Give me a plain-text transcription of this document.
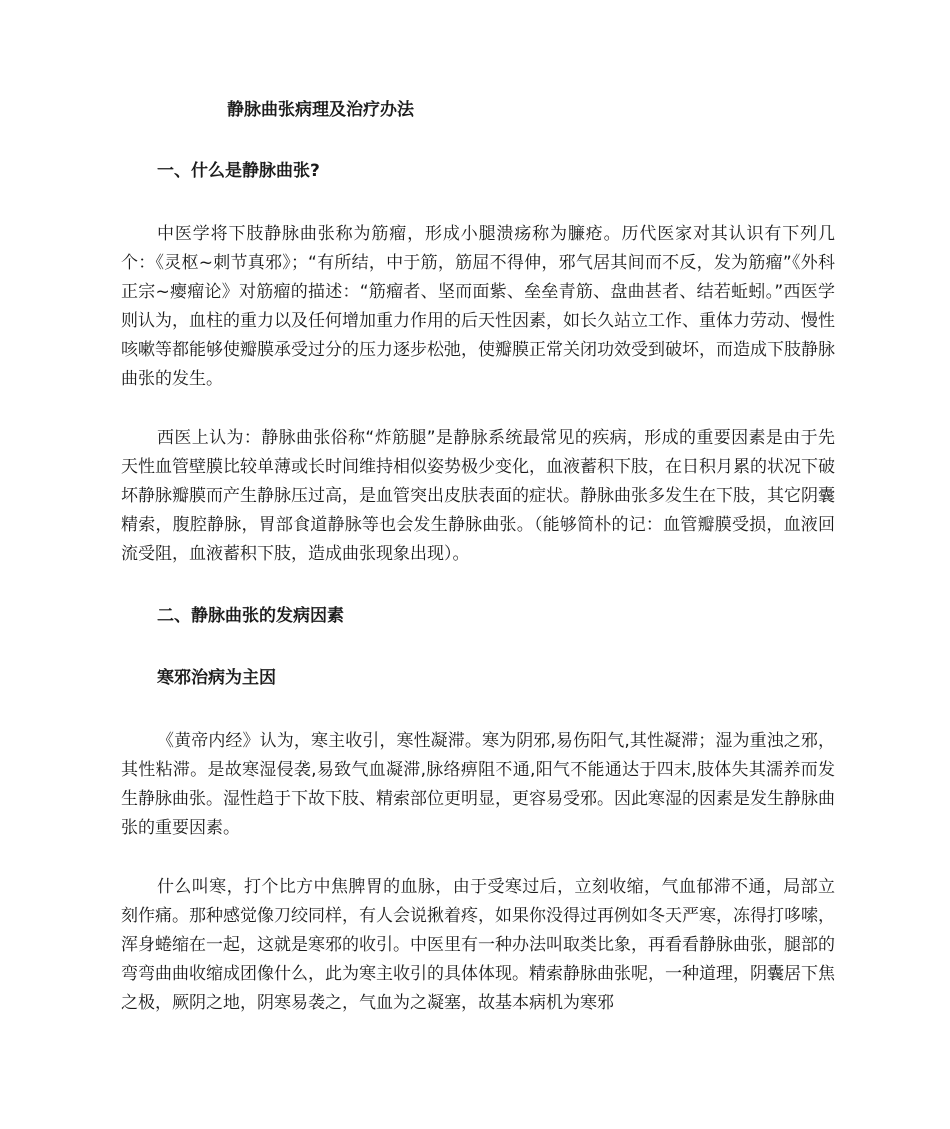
静脉曲张病理及治疗办法
一、什么是静脉曲张?

中医学将下肢静脉曲张称为筋瘤，形成小腿溃疡称为臁疮。历代医家对其认识有下列几个：《灵枢~刺节真邪》；“有所结，中于筋，筋屈不得伸，邪气居其间而不反，发为筋瘤”《外科正宗~瘿瘤论》对筋瘤的描述：“筋瘤者、坚而面紫、垒垒青筋、盘曲甚者、结若蚯蚓。”西医学则认为，血柱的重力以及任何增加重力作用的后天性因素，如长久站立工作、重体力劳动、慢性咳嗽等都能够使瓣膜承受过分的压力逐步松弛，使瓣膜正常关闭功效受到破坏，而造成下肢静脉曲张的发生。

西医上认为：静脉曲张俗称“炸筋腿”是静脉系统最常见的疾病，形成的重要因素是由于先天性血管壁膜比较单薄或长时间维持相似姿势极少变化，血液蓄积下肢，在日积月累的状况下破坏静脉瓣膜而产生静脉压过高，是血管突出皮肤表面的症状。静脉曲张多发生在下肢，其它阴囊精索，腹腔静脉，胃部食道静脉等也会发生静脉曲张。（能够简朴的记：血管瓣膜受损，血液回流受阻，血液蓄积下肢，造成曲张现象出现）。

二、静脉曲张的发病因素
寒邪治病为主因

《黄帝内经》认为，寒主收引，寒性凝滞。寒为阴邪,易伤阳气,其性凝滞；湿为重浊之邪，其性粘滞。是故寒湿侵袭,易致气血凝滞,脉络痹阻不通,阳气不能通达于四末,肢体失其濡养而发生静脉曲张。湿性趋于下故下肢、精索部位更明显，更容易受邪。因此寒湿的因素是发生静脉曲张的重要因素。

什么叫寒，打个比方中焦脾胃的血脉，由于受寒过后，立刻收缩，气血郁滞不通，局部立刻作痛。那种感觉像刀绞同样，有人会说揪着疼，如果你没得过再例如冬天严寒，冻得打哆嗦，浑身蜷缩在一起，这就是寒邪的收引。中医里有一种办法叫取类比象，再看看静脉曲张，腿部的弯弯曲曲收缩成团像什么，此为寒主收引的具体体现。精索静脉曲张呢，一种道理，阴囊居下焦之极，厥阴之地，阴寒易袭之，气血为之凝塞，故基本病机为寒邪
